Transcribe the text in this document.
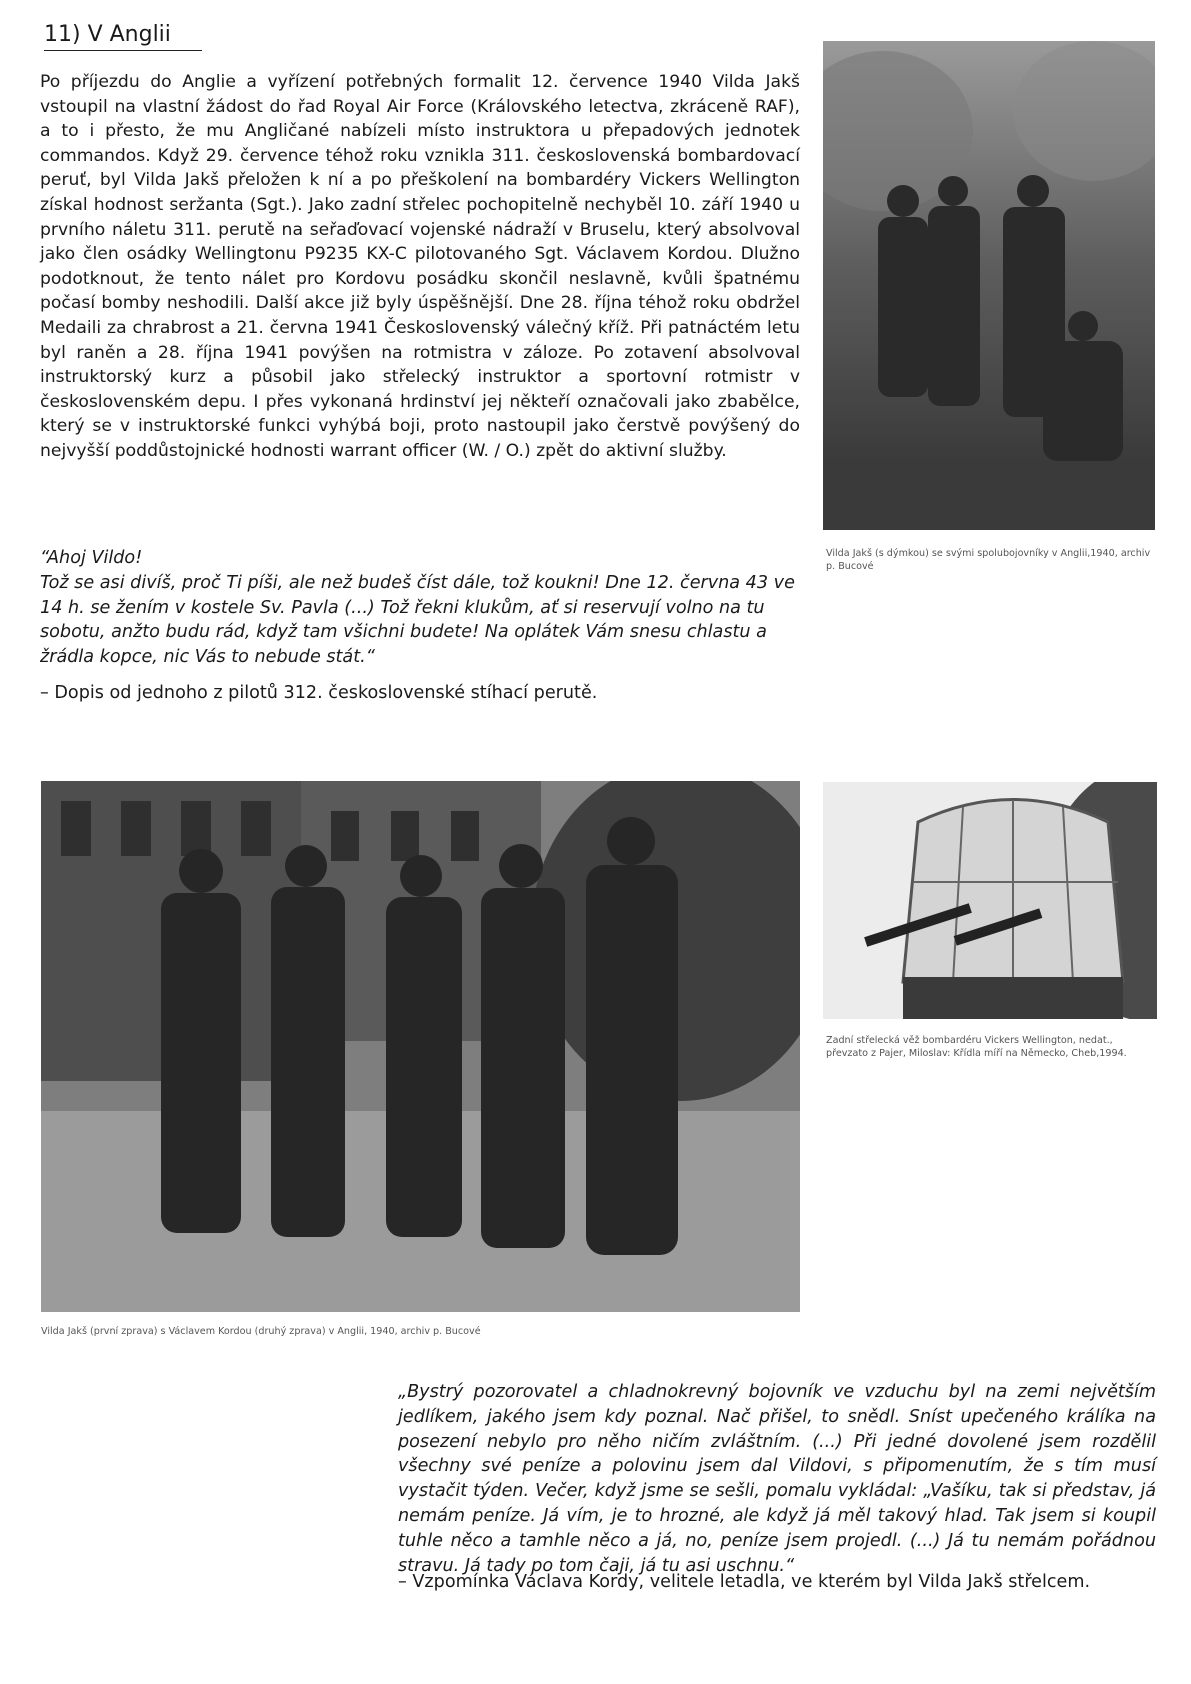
11) V Anglii

Po příjezdu do Anglie a vyřízení potřebných formalit 12. července 1940 Vilda Jakš vstoupil na vlastní žádost do řad Royal Air Force (Královského letectva, zkráceně RAF), a to i přesto, že mu Angličané nabízeli místo instruktora u přepadových jednotek commandos. Když 29. července téhož roku vznikla 311. československá bombardovací peruť, byl Vilda Jakš přeložen k ní a po přeškolení na bombardéry Vickers Wellington získal hodnost seržanta (Sgt.). Jako zadní střelec pochopitelně nechyběl 10. září 1940 u prvního náletu 311. perutě na seřaďovací vojenské nádraží v Bruselu, který absolvoval jako člen osádky Wellingtonu P9235 KX-C pilotovaného Sgt. Václavem Kordou. Dlužno podotknout, že tento nálet pro Kordovu posádku skončil neslavně, kvůli špatnému počasí bomby neshodili. Další akce již byly úspěšnější. Dne 28. října téhož roku obdržel Medaili za chrabrost a 21. června 1941 Československý válečný kříž. Při patnáctém letu byl raněn a 28. října 1941 povýšen na rotmistra v záloze. Po zotavení absolvoval instruktorský kurz a působil jako střelecký instruktor a sportovní rotmistr v československém depu. I přes vykonaná hrdinství jej někteří označovali jako zbabělce, který se v instruktorské funkci vyhýbá boji, proto nastoupil jako čerstvě povýšený do nejvyšší poddůstojnické hodnosti warrant officer (W. / O.) zpět do aktivní služby.

Vilda Jakš (s dýmkou) se svými spolubojovníky v Anglii,1940, archiv p. Bucové

“Ahoj Vildo!
Tož se asi divíš, proč Ti píši, ale než budeš číst dále, tož koukni! Dne 12. června 43 ve 14 h. se žením v kostele Sv. Pavla (...) Tož řekni klukům, ať si reservují volno na tu sobotu, anžto budu rád, když tam všichni budete! Na oplátek Vám snesu chlastu a žrádla kopce, nic Vás to nebude stát.“

– Dopis od jednoho z pilotů 312. československé stíhací perutě.

Vilda Jakš (první zprava) s Václavem Kordou (druhý zprava) v Anglii, 1940, archiv p. Bucové

Zadní střelecká věž bombardéru Vickers Wellington, nedat., převzato z Pajer, Miloslav: Křídla míří na Německo, Cheb,1994.

„Bystrý pozorovatel a chladnokrevný bojovník ve vzduchu byl na zemi největším jedlíkem, jakého jsem kdy poznal. Nač přišel, to snědl. Sníst upečeného králíka na posezení nebylo pro něho ničím zvláštním. (...) Při jedné dovolené jsem rozdělil všechny své peníze a polovinu jsem dal Vildovi, s připomenutím, že s tím musí vystačit týden. Večer, když jsme se sešli, pomalu vykládal: „Vašíku, tak si představ, já nemám peníze. Já vím, je to hrozné, ale když já měl takový hlad. Tak jsem si koupil tuhle něco a tamhle něco a já, no, peníze jsem projedl. (...) Já tu nemám pořádnou stravu. Já tady po tom čaji, já tu asi uschnu.“

– Vzpomínka Václava Kordy, velitele letadla, ve kterém byl Vilda Jakš střelcem.
